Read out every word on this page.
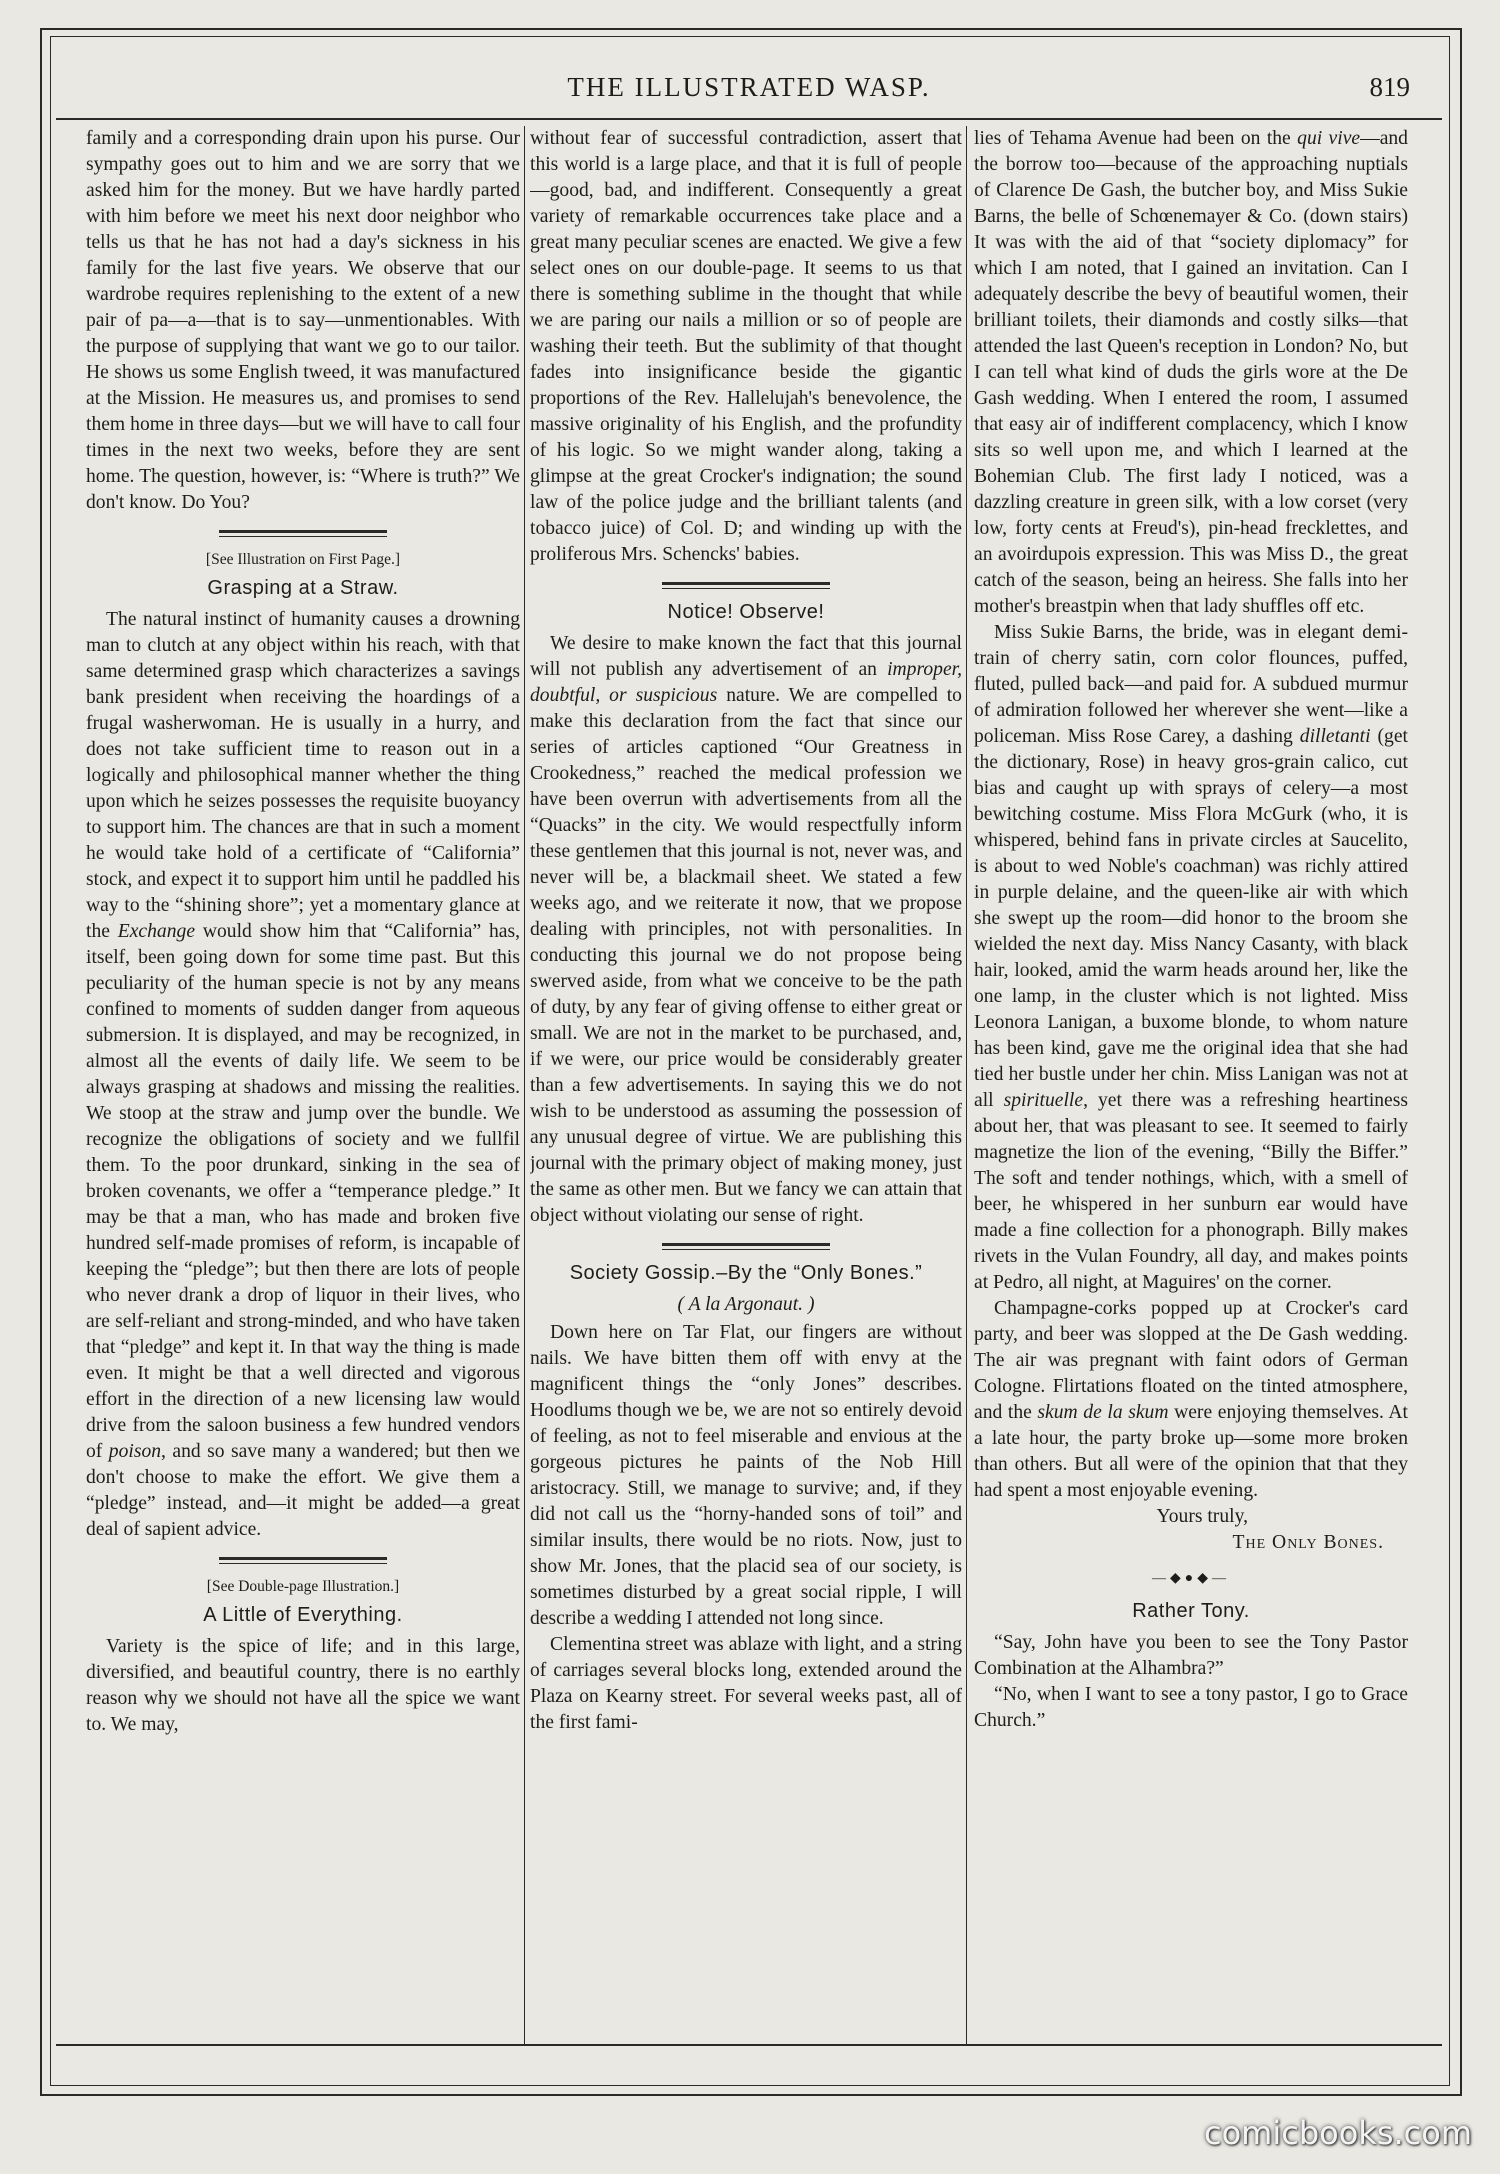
THE ILLUSTRATED WASP.	819

family and a corresponding drain upon his purse. Our sympathy goes out to him and we are sorry that we asked him for the money. But we have hardly parted with him before we meet his next door neighbor who tells us that he has not had a day's sickness in his family for the last five years. We observe that our wardrobe requires replenishing to the extent of a new pair of pa—a—that is to say—unmentionables. With the purpose of supplying that want we go to our tailor. He shows us some English tweed, it was manufactured at the Mission. He measures us, and promises to send them home in three days—but we will have to call four times in the next two weeks, before they are sent home. The question, however, is: “Where is truth?” We don't know. Do You?

[See Illustration on First Page.]
Grasping at a Straw.

The natural instinct of humanity causes a drowning man to clutch at any object within his reach, with that same determined grasp which characterizes a savings bank president when receiving the hoardings of a frugal washerwoman. He is usually in a hurry, and does not take sufficient time to reason out in a logically and philosophical manner whether the thing upon which he seizes possesses the requisite buoyancy to support him. The chances are that in such a moment he would take hold of a certificate of “California” stock, and expect it to support him until he paddled his way to the “shining shore”; yet a momentary glance at the Exchange would show him that “California” has, itself, been going down for some time past. But this peculiarity of the human specie is not by any means confined to moments of sudden danger from aqueous submersion. It is displayed, and may be recognized, in almost all the events of daily life. We seem to be always grasping at shadows and missing the realities. We stoop at the straw and jump over the bundle. We recognize the obligations of society and we fullfil them. To the poor drunkard, sinking in the sea of broken covenants, we offer a “temperance pledge.” It may be that a man, who has made and broken five hundred self-made promises of reform, is incapable of keeping the “pledge”; but then there are lots of people who never drank a drop of liquor in their lives, who are self-reliant and strong-minded, and who have taken that “pledge” and kept it. In that way the thing is made even. It might be that a well directed and vigorous effort in the direction of a new licensing law would drive from the saloon business a few hundred vendors of poison, and so save many a wandered; but then we don't choose to make the effort. We give them a “pledge” instead, and—it might be added—a great deal of sapient advice.

[See Double-page Illustration.]
A Little of Everything.

Variety is the spice of life; and in this large, diversified, and beautiful country, there is no earthly reason why we should not have all the spice we want to. We may,

without fear of successful contradiction, assert that this world is a large place, and that it is full of people—good, bad, and indifferent. Consequently a great variety of remarkable occurrences take place and a great many peculiar scenes are enacted. We give a few select ones on our double-page. It seems to us that there is something sublime in the thought that while we are paring our nails a million or so of people are washing their teeth. But the sublimity of that thought fades into insignificance beside the gigantic proportions of the Rev. Hallelujah's benevolence, the massive originality of his English, and the profundity of his logic. So we might wander along, taking a glimpse at the great Crocker's indignation; the sound law of the police judge and the brilliant talents (and tobacco juice) of Col. D; and winding up with the proliferous Mrs. Schencks' babies.

Notice! Observe!

We desire to make known the fact that this journal will not publish any advertisement of an improper, doubtful, or suspicious nature. We are compelled to make this declaration from the fact that since our series of articles captioned “Our Greatness in Crookedness,” reached the medical profession we have been overrun with advertisements from all the “Quacks” in the city. We would respectfully inform these gentlemen that this journal is not, never was, and never will be, a blackmail sheet. We stated a few weeks ago, and we reiterate it now, that we propose dealing with principles, not with personalities. In conducting this journal we do not propose being swerved aside, from what we conceive to be the path of duty, by any fear of giving offense to either great or small. We are not in the market to be purchased, and, if we were, our price would be considerably greater than a few advertisements. In saying this we do not wish to be understood as assuming the possession of any unusual degree of virtue. We are publishing this journal with the primary object of making money, just the same as other men. But we fancy we can attain that object without violating our sense of right.

Society Gossip.–By the “Only Bones.”
( A la Argonaut. )

Down here on Tar Flat, our fingers are without nails. We have bitten them off with envy at the magnificent things the “only Jones” describes. Hoodlums though we be, we are not so entirely devoid of feeling, as not to feel miserable and envious at the gorgeous pictures he paints of the Nob Hill aristocracy. Still, we manage to survive; and, if they did not call us the “horny-handed sons of toil” and similar insults, there would be no riots. Now, just to show Mr. Jones, that the placid sea of our society, is sometimes disturbed by a great social ripple, I will describe a wedding I attended not long since.

Clementina street was ablaze with light, and a string of carriages several blocks long, extended around the Plaza on Kearny street. For several weeks past, all of the first fami-

lies of Tehama Avenue had been on the qui vive—and the borrow too—because of the approaching nuptials of Clarence De Gash, the butcher boy, and Miss Sukie Barns, the belle of Schœnemayer & Co. (down stairs) It was with the aid of that “society diplomacy” for which I am noted, that I gained an invitation. Can I adequately describe the bevy of beautiful women, their brilliant toilets, their diamonds and costly silks—that attended the last Queen's reception in London? No, but I can tell what kind of duds the girls wore at the De Gash wedding. When I entered the room, I assumed that easy air of indifferent complacency, which I know sits so well upon me, and which I learned at the Bohemian Club. The first lady I noticed, was a dazzling creature in green silk, with a low corset (very low, forty cents at Freud's), pin-head frecklettes, and an avoirdupois expression. This was Miss D., the great catch of the season, being an heiress. She falls into her mother's breastpin when that lady shuffles off etc.

Miss Sukie Barns, the bride, was in elegant demi-train of cherry satin, corn color flounces, puffed, fluted, pulled back—and paid for. A subdued murmur of admiration followed her wherever she went—like a policeman. Miss Rose Carey, a dashing dilletanti (get the dictionary, Rose) in heavy gros-grain calico, cut bias and caught up with sprays of celery—a most bewitching costume. Miss Flora McGurk (who, it is whispered, behind fans in private circles at Saucelito, is about to wed Noble's coachman) was richly attired in purple delaine, and the queen-like air with which she swept up the room—did honor to the broom she wielded the next day. Miss Nancy Casanty, with black hair, looked, amid the warm heads around her, like the one lamp, in the cluster which is not lighted. Miss Leonora Lanigan, a buxome blonde, to whom nature has been kind, gave me the original idea that she had tied her bustle under her chin. Miss Lanigan was not at all spirituelle, yet there was a refreshing heartiness about her, that was pleasant to see. It seemed to fairly magnetize the lion of the evening, “Billy the Biffer.” The soft and tender nothings, which, with a smell of beer, he whispered in her sunburn ear would have made a fine collection for a phonograph. Billy makes rivets in the Vulan Foundry, all day, and makes points at Pedro, all night, at Maguires' on the corner.

Champagne-corks popped up at Crocker's card party, and beer was slopped at the De Gash wedding. The air was pregnant with faint odors of German Cologne. Flirtations floated on the tinted atmosphere, and the skum de la skum were enjoying themselves. At a late hour, the party broke up—some more broken than others. But all were of the opinion that that they had spent a most enjoyable evening.

Yours truly,
The Only Bones.
—◆●◆—
Rather Tony.

“Say, John have you been to see the Tony Pastor Combination at the Alhambra?”

“No, when I want to see a tony pastor, I go to Grace Church.”

comicbooks.com
